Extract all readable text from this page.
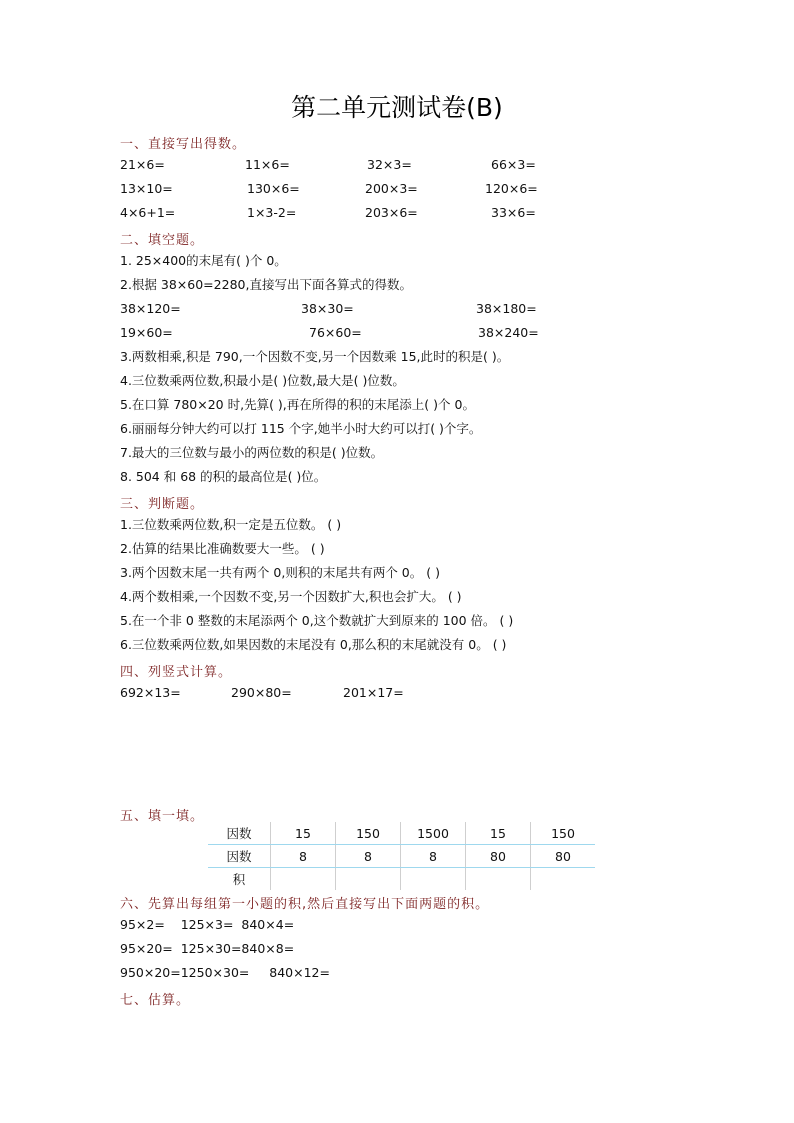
第二单元测试卷(B)
一、直接写出得数。
21×6=	11×6=	32×3=	66×3=
13×10=	130×6=	200×3=	120×6=
4×6+1=	1×3-2=	203×6=	33×6=
二、填空题。
1. 25×400的末尾有( )个 0。
2.根据 38×60=2280,直接写出下面各算式的得数。
38×120=	38×30=	38×180=
19×60=	76×60=	38×240=
3.两数相乘,积是 790,一个因数不变,另一个因数乘 15,此时的积是( )。
4.三位数乘两位数,积最小是( )位数,最大是( )位数。
5.在口算 780×20 时,先算( ),再在所得的积的末尾添上( )个 0。
6.丽丽每分钟大约可以打 115 个字,她半小时大约可以打( )个字。
7.最大的三位数与最小的两位数的积是( )位数。
8. 504 和 68 的积的最高位是( )位。
三、判断题。
1.三位数乘两位数,积一定是五位数。 ( )
2.估算的结果比准确数要大一些。 ( )
3.两个因数末尾一共有两个 0,则积的末尾共有两个 0。 ( )
4.两个数相乘,一个因数不变,另一个因数扩大,积也会扩大。 ( )
5.在一个非 0 整数的末尾添两个 0,这个数就扩大到原来的 100 倍。 ( )
6.三位数乘两位数,如果因数的末尾没有 0,那么积的末尾就没有 0。 ( )
四、列竖式计算。
692×13=	290×80=	201×17=
五、填一填。
因数	15	150	1500	15	150
因数	8	8	8	80	80
积					
六、先算出每组第一小题的积,然后直接写出下面两题的积。
95×2=    125×3=  840×4=
95×20=  125×30=840×8=
950×20=1250×30=     840×12=
七、估算。
